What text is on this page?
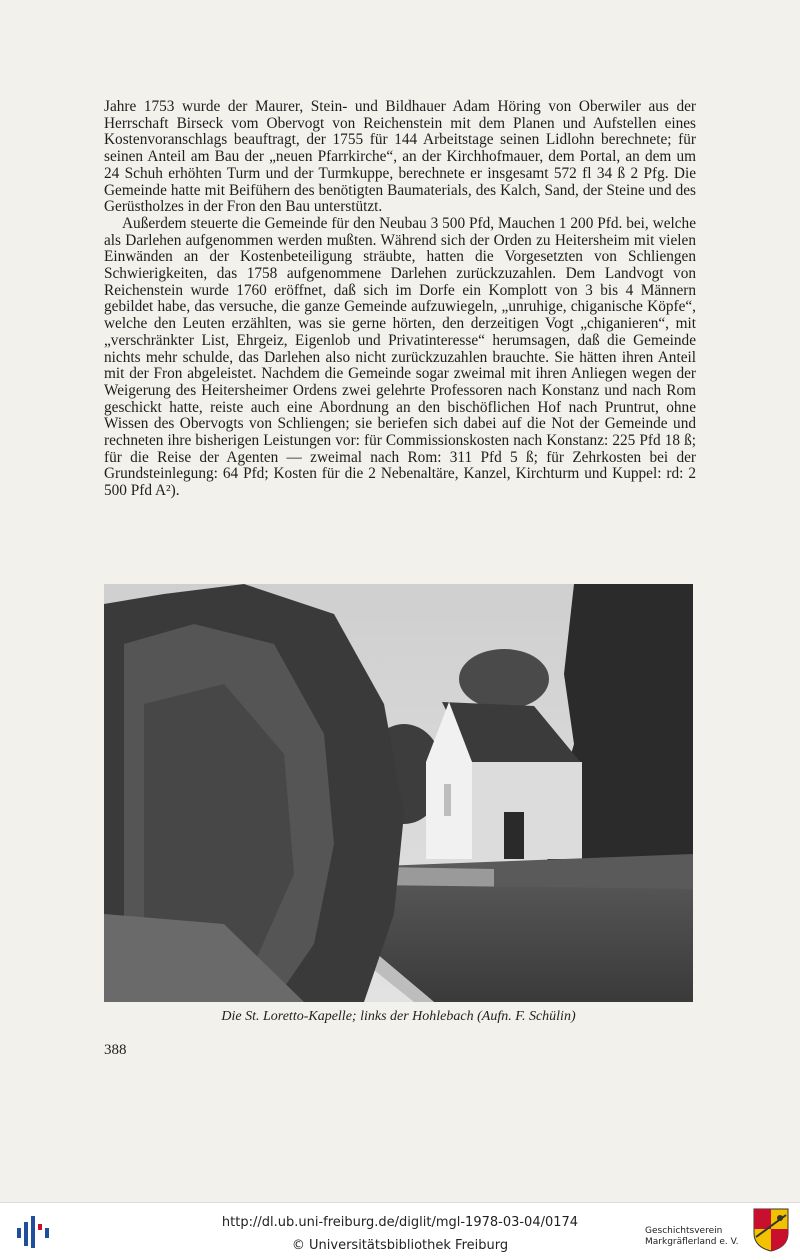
Jahre 1753 wurde der Maurer, Stein- und Bildhauer Adam Höring von Oberwiler aus der Herrschaft Birseck vom Obervogt von Reichenstein mit dem Planen und Aufstellen eines Kostenvoranschlags beauftragt, der 1755 für 144 Arbeitstage seinen Lidlohn berechnete; für seinen Anteil am Bau der „neuen Pfarrkirche“, an der Kirchhofmauer, dem Portal, an dem um 24 Schuh erhöhten Turm und der Turmkuppe, berechnete er insgesamt 572 fl 34 ß 2 Pfg. Die Gemeinde hatte mit Beifühern des benötigten Baumaterials, des Kalch, Sand, der Steine und des Gerüstholzes in der Fron den Bau unterstützt.

Außerdem steuerte die Gemeinde für den Neubau 3 500 Pfd, Mauchen 1 200 Pfd. bei, welche als Darlehen aufgenommen werden mußten. Während sich der Orden zu Heitersheim mit vielen Einwänden an der Kostenbeteiligung sträubte, hatten die Vorgesetzten von Schliengen Schwierigkeiten, das 1758 aufgenommene Darlehen zurückzuzahlen. Dem Landvogt von Reichenstein wurde 1760 eröffnet, daß sich im Dorfe ein Komplott von 3 bis 4 Männern gebildet habe, das versuche, die ganze Gemeinde aufzuwiegeln, „unruhige, chiganische Köpfe“, welche den Leuten erzählten, was sie gerne hörten, den derzeitigen Vogt „chiganieren“, mit „verschränkter List, Ehrgeiz, Eigenlob und Privatinteresse“ herumsagen, daß die Gemeinde nichts mehr schulde, das Darlehen also nicht zurückzuzahlen brauchte. Sie hätten ihren Anteil mit der Fron abgeleistet. Nachdem die Gemeinde sogar zweimal mit ihren Anliegen wegen der Weigerung des Heitersheimer Ordens zwei gelehrte Professoren nach Konstanz und nach Rom geschickt hatte, reiste auch eine Abordnung an den bischöflichen Hof nach Pruntrut, ohne Wissen des Obervogts von Schliengen; sie beriefen sich dabei auf die Not der Gemeinde und rechneten ihre bisherigen Leistungen vor: für Commissionskosten nach Konstanz: 225 Pfd 18 ß; für die Reise der Agenten — zweimal nach Rom: 311 Pfd 5 ß; für Zehrkosten bei der Grundsteinlegung: 64 Pfd; Kosten für die 2 Nebenaltäre, Kanzel, Kirchturm und Kuppel: rd: 2 500 Pfd A²).

Die St. Loretto-Kapelle; links der Hohlebach (Aufn. F. Schülin)
388
http://dl.ub.uni-freiburg.de/diglit/mgl-1978-03-04/0174
© Universitätsbibliothek Freiburg
Geschichtsverein
Markgräflerland e. V.
